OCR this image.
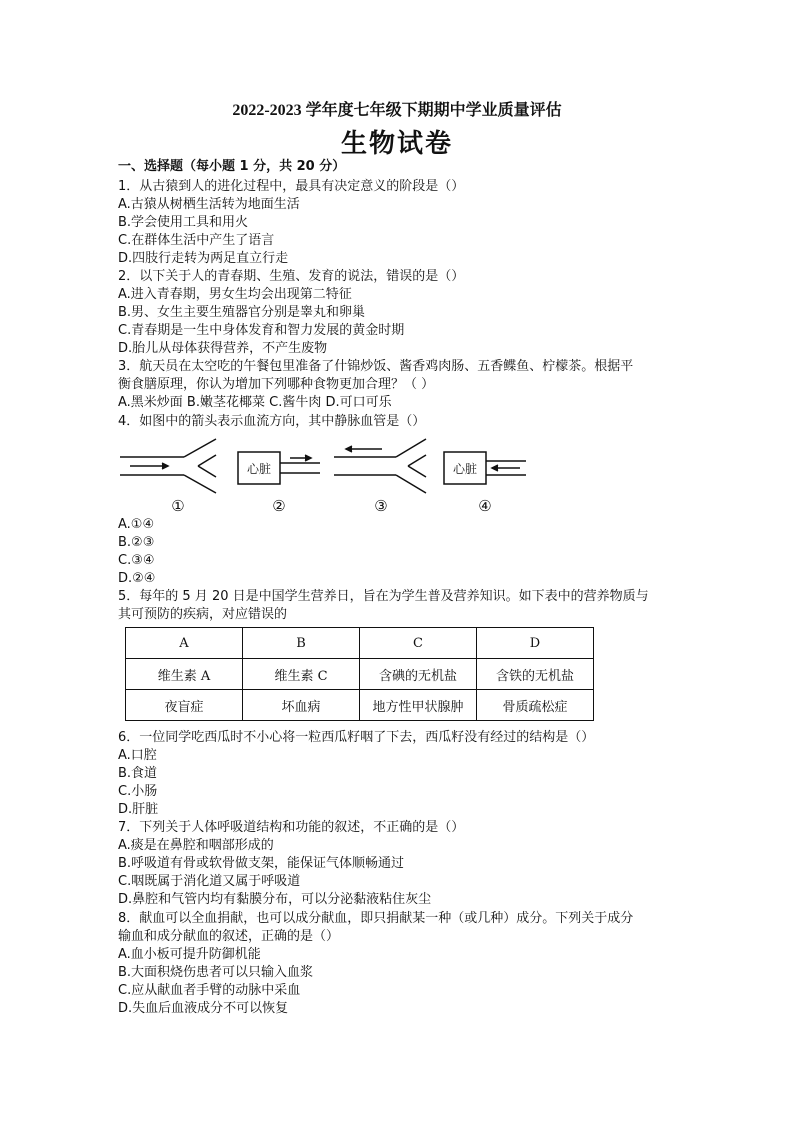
2022-2023 学年度七年级下期期中学业质量评估
生物试卷
一、选择题（每小题 1 分，共 20 分）
1．从古猿到人的进化过程中，最具有决定意义的阶段是（）
A.古猿从树栖生活转为地面生活
B.学会使用工具和用火
C.在群体生活中产生了语言
D.四肢行走转为两足直立行走
2．以下关于人的青春期、生殖、发育的说法，错误的是（）
A.进入青春期，男女生均会出现第二特征
B.男、女生主要生殖器官分别是睾丸和卵巢
C.青春期是一生中身体发育和智力发展的黄金时期
D.胎儿从母体获得营养，不产生废物
3．航天员在太空吃的午餐包里准备了什锦炒饭、酱香鸡肉肠、五香鲽鱼、柠檬茶。根据平
衡食膳原理，你认为增加下列哪种食物更加合理？（ ）
A.黑米炒面 B.嫩茎花椰菜 C.酱牛肉 D.可口可乐
4．如图中的箭头表示血流方向，其中静脉血管是（）
心脏	心脏
①	②	③	④
A.①④
B.②③
C.③④
D.②④
5．每年的 5 月 20 日是中国学生营养日，旨在为学生普及营养知识。如下表中的营养物质与
其可预防的疾病，对应错误的
A	B	C	D
维生素 A	维生素 C	含碘的无机盐	含铁的无机盐
夜盲症	坏血病	地方性甲状腺肿	骨质疏松症
6．一位同学吃西瓜时不小心将一粒西瓜籽咽了下去，西瓜籽没有经过的结构是（）
A.口腔
B.食道
C.小肠
D.肝脏
7．下列关于人体呼吸道结构和功能的叙述，不正确的是（）
A.痰是在鼻腔和咽部形成的
B.呼吸道有骨或软骨做支架，能保证气体顺畅通过
C.咽既属于消化道又属于呼吸道
D.鼻腔和气管内均有黏膜分布，可以分泌黏液粘住灰尘
8．献血可以全血捐献，也可以成分献血，即只捐献某一种（或几种）成分。下列关于成分
输血和成分献血的叙述，正确的是（）
A.血小板可提升防御机能
B.大面积烧伤患者可以只输入血浆
C.应从献血者手臂的动脉中采血
D.失血后血液成分不可以恢复
